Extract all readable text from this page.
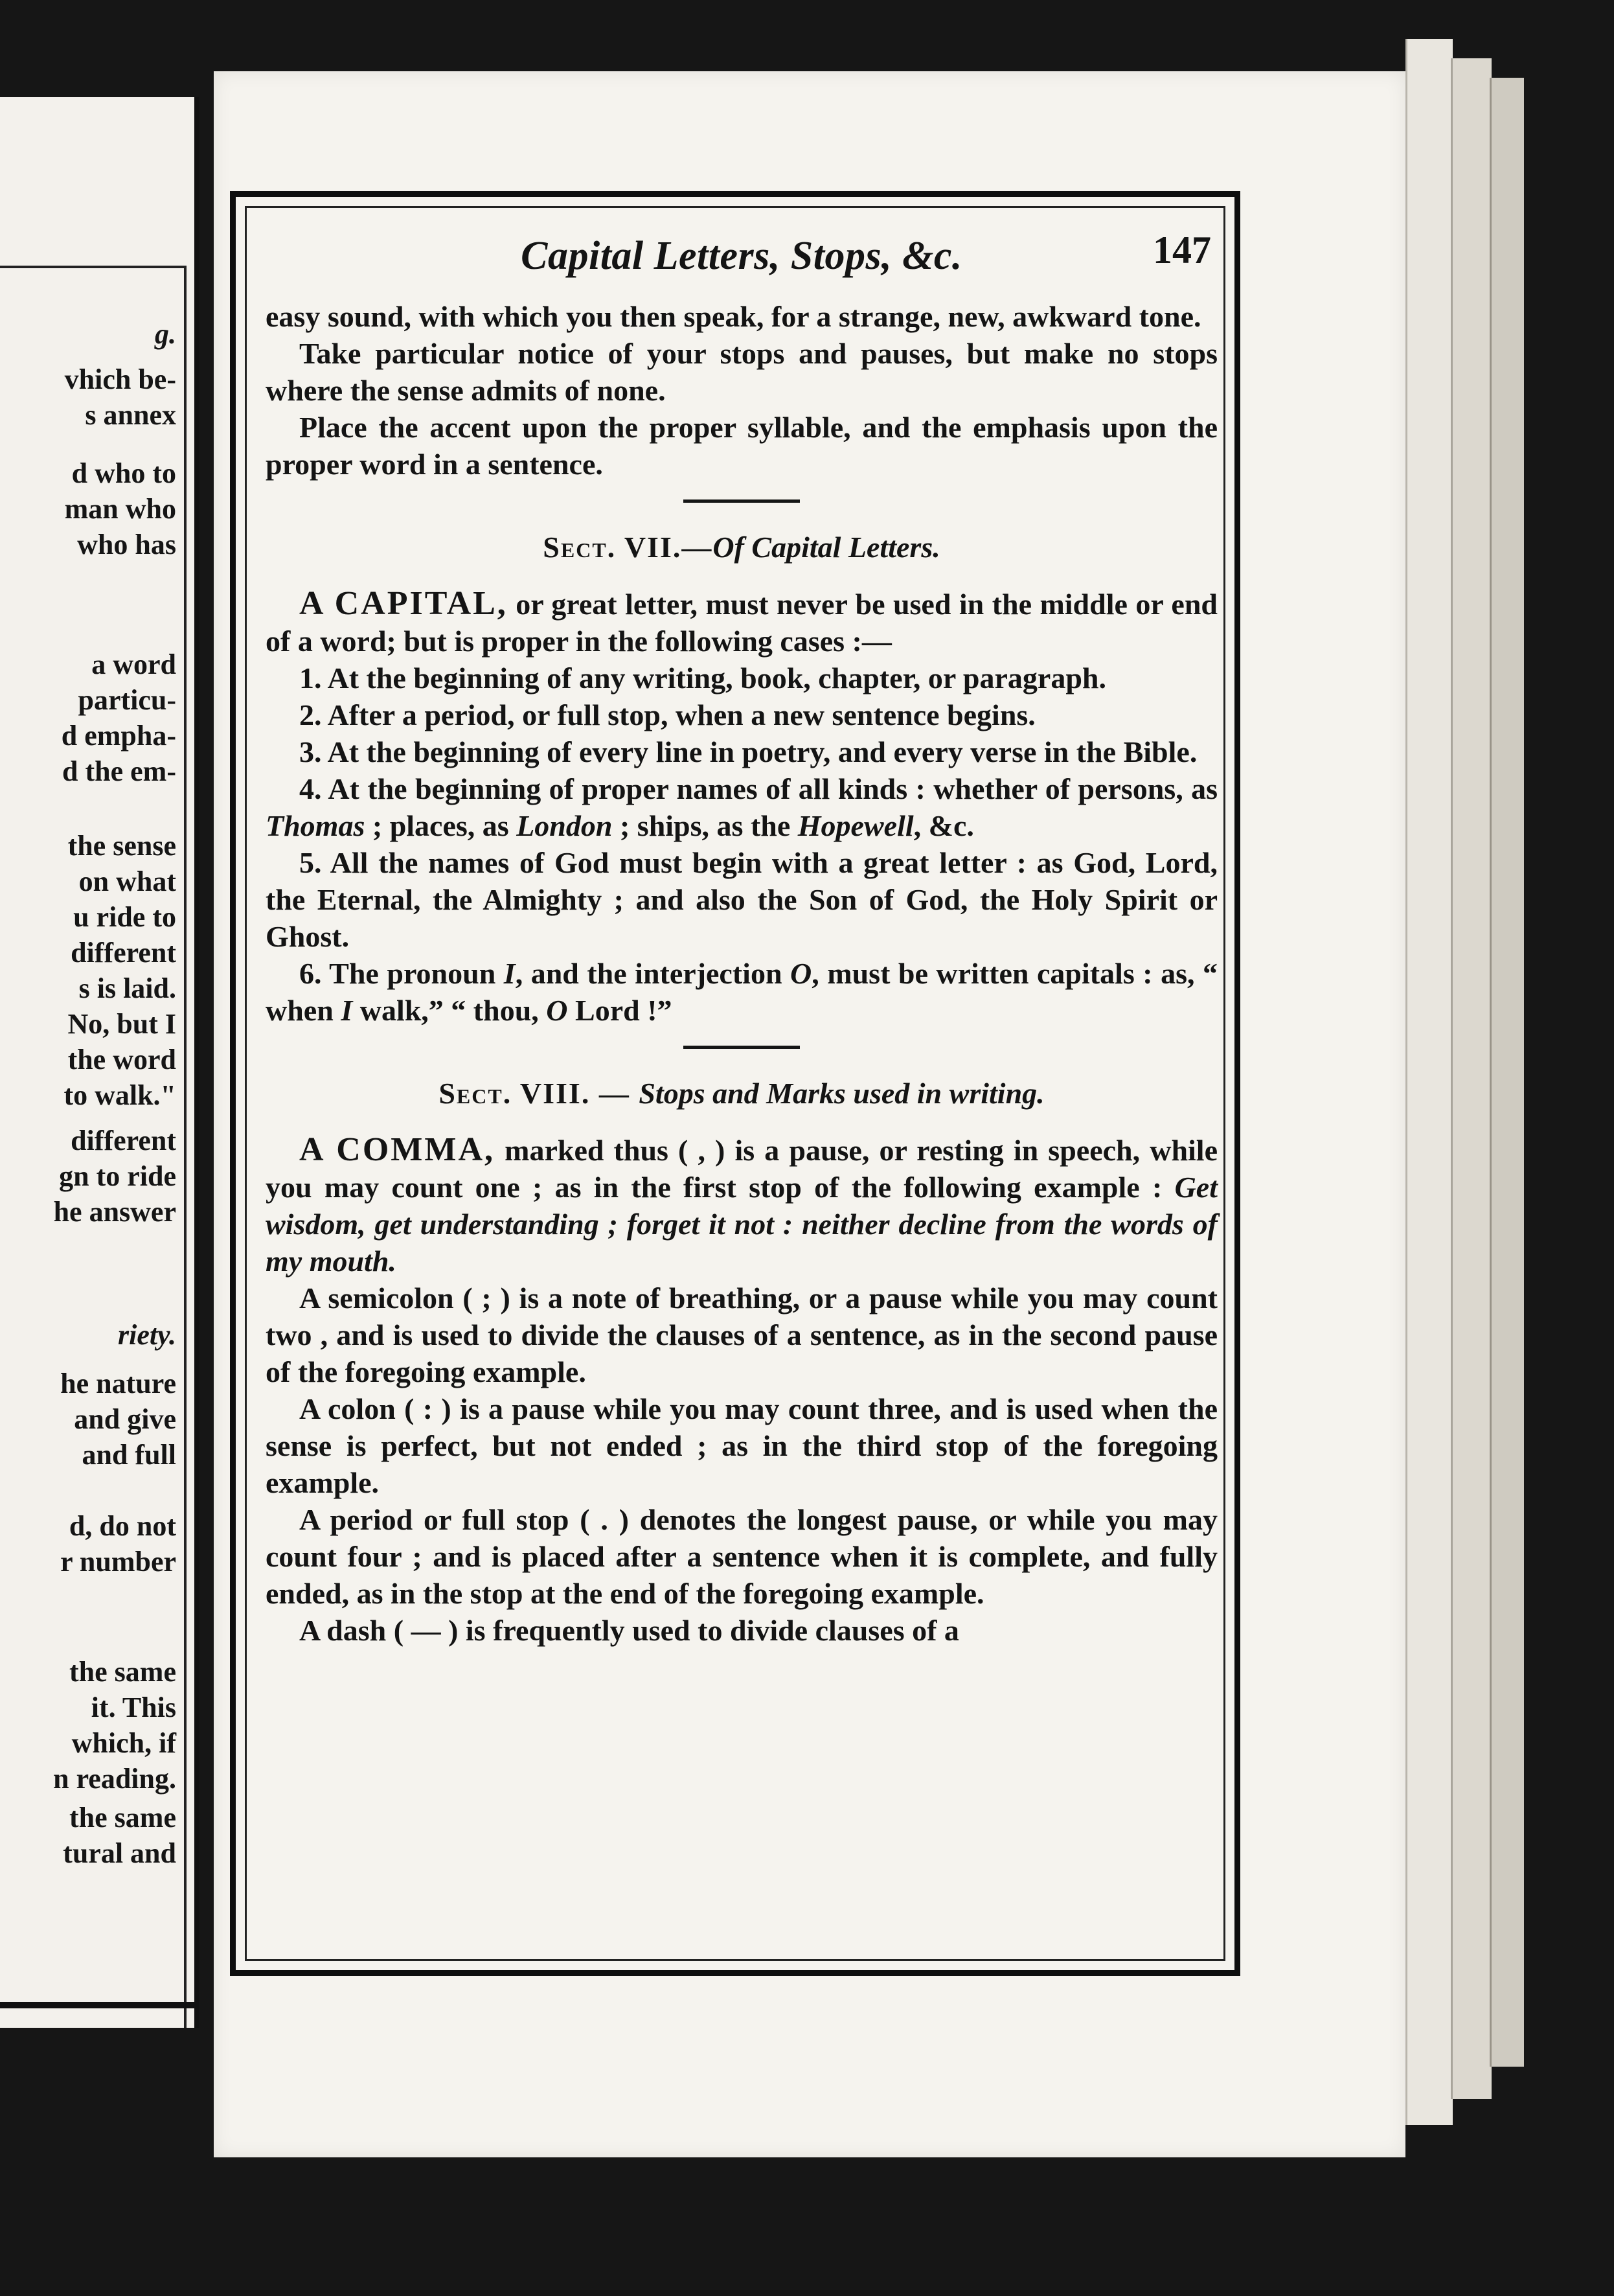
g.
vhich be-
s annex
d who to
man who
who has
a word
particu-
d empha-
d the em-
the sense
on what
u ride to
different
s is laid.
No, but I
the word
to walk."
different
gn to ride
he answer
riety.
he nature
and give
and full
d, do not
r number
the same
it. This
which, if
n reading.
the same
tural and
Capital Letters, Stops, &c.	147

easy sound, with which you then speak, for a strange, new, awkward tone.

Take particular notice of your stops and pauses, but make no stops where the sense admits of none.

Place the accent upon the proper syllable, and the emphasis upon the proper word in a sentence.

Sect. VII.—Of Capital Letters.

A CAPITAL, or great letter, must never be used in the middle or end of a word; but is proper in the following cases :—

1. At the beginning of any writing, book, chapter, or paragraph.

2. After a period, or full stop, when a new sentence begins.

3. At the beginning of every line in poetry, and every verse in the Bible.

4. At the beginning of proper names of all kinds : whether of persons, as Thomas ; places, as London ; ships, as the Hopewell, &c.

5. All the names of God must begin with a great letter : as God, Lord, the Eternal, the Almighty ; and also the Son of God, the Holy Spirit or Ghost.

6. The pronoun I, and the interjection O, must be written capitals : as, “ when I walk,” “ thou, O Lord !”

Sect. VIII. — Stops and Marks used in writing.

A COMMA, marked thus ( , ) is a pause, or resting in speech, while you may count one ; as in the first stop of the following example : Get wisdom, get understanding ; forget it not : neither decline from the words of my mouth.

A semicolon ( ; ) is a note of breathing, or a pause while you may count two , and is used to divide the clauses of a sentence, as in the second pause of the foregoing example.

A colon ( : ) is a pause while you may count three, and is used when the sense is perfect, but not ended ; as in the third stop of the foregoing example.

A period or full stop ( . ) denotes the longest pause, or while you may count four ; and is placed after a sentence when it is complete, and fully ended, as in the stop at the end of the foregoing example.

A dash ( — ) is frequently used to divide clauses of a
